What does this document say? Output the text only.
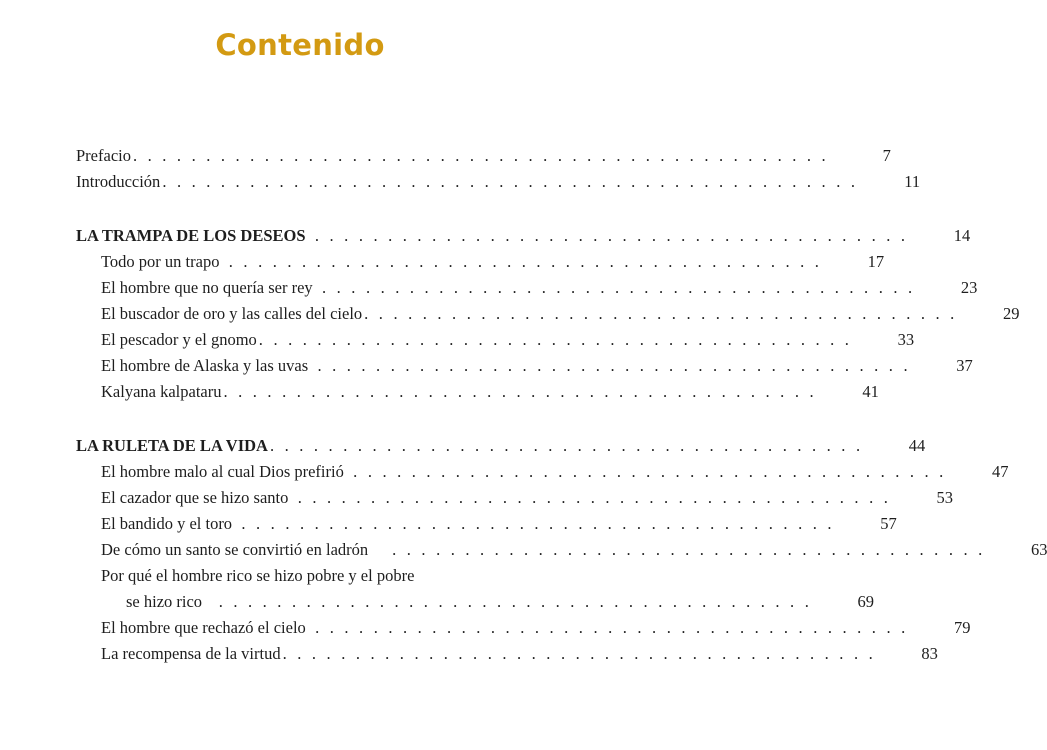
Contenido
Prefacio . . . . . . . . . . . . . . . . . . . . . . . . . . . . . . . . . . . . . . . . . . . . . . . .	7
Introducción . . . . . . . . . . . . . . . . . . . . . . . . . . . . . . . . . . . . . . . . . . . . . . . .	11
LA TRAMPA DE LOS DESEOS . . . . . . . . . . . . . . . . . . . . . . . . . . . . . . . . . . . . . . . . .	14
Todo por un trapo . . . . . . . . . . . . . . . . . . . . . . . . . . . . . . . . . . . . . . . . .	17
El hombre que no quería ser rey . . . . . . . . . . . . . . . . . . . . . . . . . . . . . . . . . . . . . . . . .	23
El buscador de oro y las calles del cielo . . . . . . . . . . . . . . . . . . . . . . . . . . . . . . . . . . . . . . . . .	29
El pescador y el gnomo . . . . . . . . . . . . . . . . . . . . . . . . . . . . . . . . . . . . . . . . .	33
El hombre de Alaska y las uvas . . . . . . . . . . . . . . . . . . . . . . . . . . . . . . . . . . . . . . . . .	37
Kalyana kalpataru . . . . . . . . . . . . . . . . . . . . . . . . . . . . . . . . . . . . . . . . .	41
LA RULETA DE LA VIDA . . . . . . . . . . . . . . . . . . . . . . . . . . . . . . . . . . . . . . . . .	44
El hombre malo al cual Dios prefirió . . . . . . . . . . . . . . . . . . . . . . . . . . . . . . . . . . . . . . . . .	47
El cazador que se hizo santo . . . . . . . . . . . . . . . . . . . . . . . . . . . . . . . . . . . . . . . . .	53
El bandido y el toro . . . . . . . . . . . . . . . . . . . . . . . . . . . . . . . . . . . . . . . . .	57
De cómo un santo se convirtió en ladrón . . . . . . . . . . . . . . . . . . . . . . . . . . . . . . . . . . . . . . . . .	63
Por qué el hombre rico se hizo pobre y el pobre
se hizo rico . . . . . . . . . . . . . . . . . . . . . . . . . . . . . . . . . . . . . . . . .	69
El hombre que rechazó el cielo . . . . . . . . . . . . . . . . . . . . . . . . . . . . . . . . . . . . . . . . .	79
La recompensa de la virtud . . . . . . . . . . . . . . . . . . . . . . . . . . . . . . . . . . . . . . . . .	83
